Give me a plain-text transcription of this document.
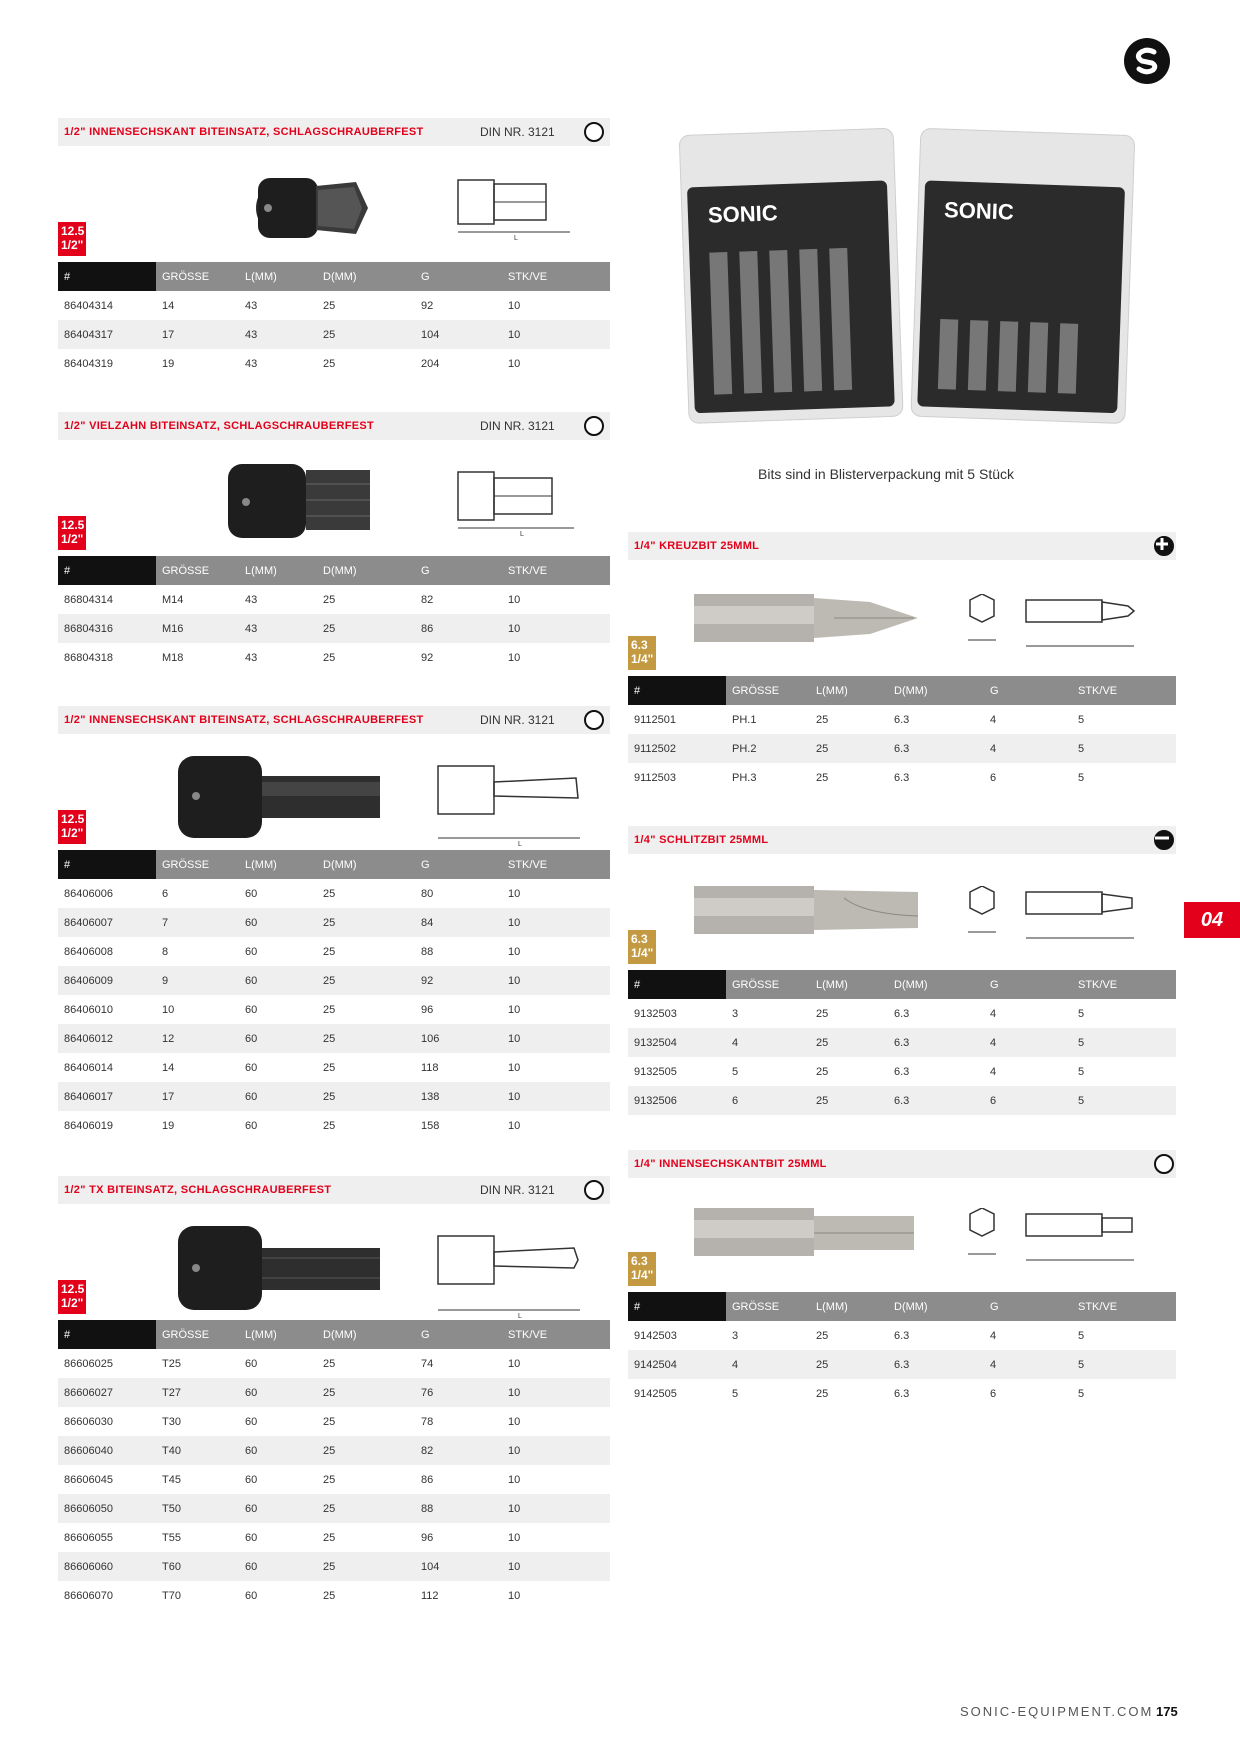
1/2" INNENSECHSKANT BITEINSATZ, SCHLAGSCHRAUBERFEST	DIN NR. 3121
L
12.5
1/2"
#	GRÖSSE	L(MM)	D(MM)	G	STK/VE
86404314	14	43	25	92	10
86404317	17	43	25	104	10
86404319	19	43	25	204	10
1/2" VIELZAHN BITEINSATZ, SCHLAGSCHRAUBERFEST	DIN NR. 3121
L
12.5
1/2"
#	GRÖSSE	L(MM)	D(MM)	G	STK/VE
86804314	M14	43	25	82	10
86804316	M16	43	25	86	10
86804318	M18	43	25	92	10
1/2" INNENSECHSKANT BITEINSATZ, SCHLAGSCHRAUBERFEST	DIN NR. 3121
L
12.5
1/2"
#	GRÖSSE	L(MM)	D(MM)	G	STK/VE
86406006	6	60	25	80	10
86406007	7	60	25	84	10
86406008	8	60	25	88	10
86406009	9	60	25	92	10
86406010	10	60	25	96	10
86406012	12	60	25	106	10
86406014	14	60	25	118	10
86406017	17	60	25	138	10
86406019	19	60	25	158	10
1/2" TX BITEINSATZ, SCHLAGSCHRAUBERFEST	DIN NR. 3121
L
12.5
1/2"
#	GRÖSSE	L(MM)	D(MM)	G	STK/VE
86606025	T25	60	25	74	10
86606027	T27	60	25	76	10
86606030	T30	60	25	78	10
86606040	T40	60	25	82	10
86606045	T45	60	25	86	10
86606050	T50	60	25	88	10
86606055	T55	60	25	96	10
86606060	T60	60	25	104	10
86606070	T70	60	25	112	10
SONIC	SONIC
Bits sind in Blisterverpackung mit 5 Stück
1/4" KREUZBIT 25MML
6.3
1/4"
#	GRÖSSE	L(MM)	D(MM)	G	STK/VE
9112501	PH.1	25	6.3	4	5
9112502	PH.2	25	6.3	4	5
9112503	PH.3	25	6.3	6	5
1/4" SCHLITZBIT 25MML
6.3
1/4"
#	GRÖSSE	L(MM)	D(MM)	G	STK/VE
9132503	3	25	6.3	4	5
9132504	4	25	6.3	4	5
9132505	5	25	6.3	4	5
9132506	6	25	6.3	6	5
1/4" INNENSECHSKANTBIT 25MML
6.3
1/4"
#	GRÖSSE	L(MM)	D(MM)	G	STK/VE
9142503	3	25	6.3	4	5
9142504	4	25	6.3	4	5
9142505	5	25	6.3	6	5
04
SONIC-EQUIPMENT.COM 175
